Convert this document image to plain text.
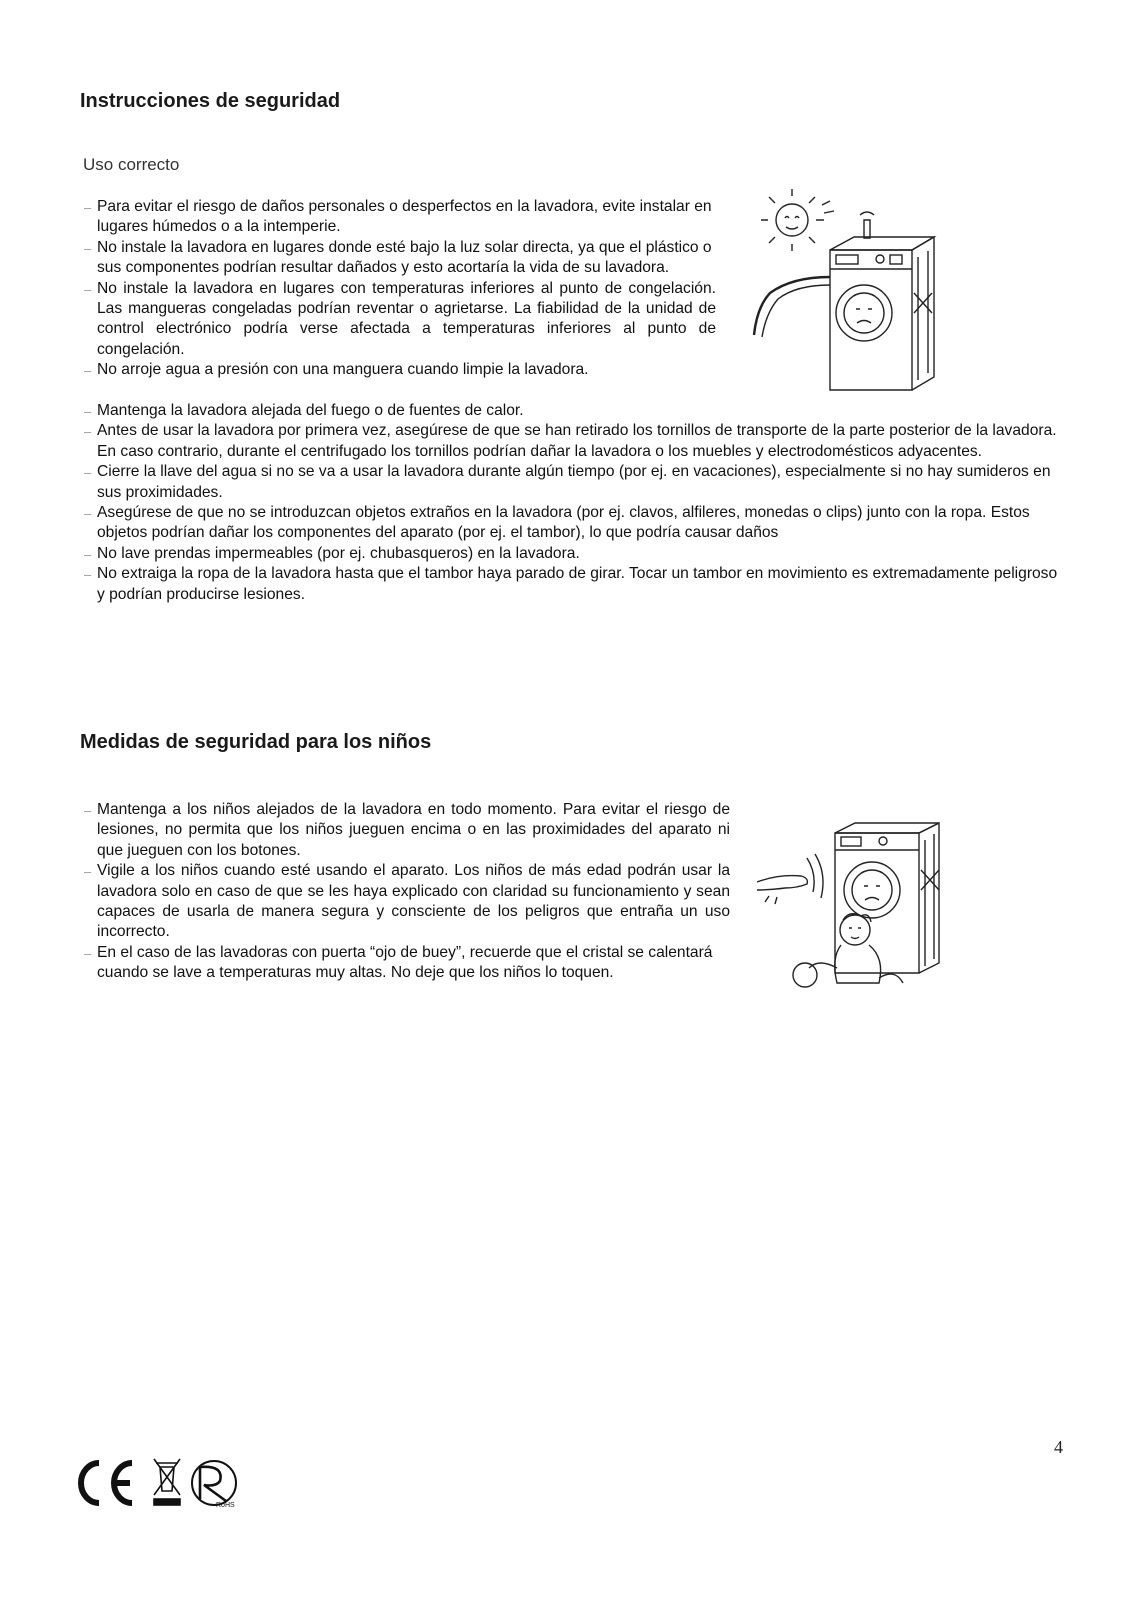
Instrucciones de seguridad
Uso correcto
– Para evitar el riesgo de daños personales o desperfectos en la lavadora, evite instalar en lugares húmedos o a la intemperie.
– No instale la lavadora en lugares donde esté bajo la luz solar directa, ya que el plástico o sus componentes podrían resultar dañados y esto acortaría la vida de su lavadora.
– No instale la lavadora en lugares con temperaturas inferiores al punto de congelación. Las mangueras congeladas podrían reventar o agrietarse. La fiabilidad de la unidad de control electrónico podría verse afectada a temperaturas inferiores al punto de congelación.
– No arroje agua a presión con una manguera cuando limpie la lavadora.
– Mantenga la lavadora alejada del fuego o de fuentes de calor.
– Antes de usar la lavadora por primera vez, asegúrese de que se han retirado los tornillos de transporte de la parte posterior de la lavadora. En caso contrario, durante el centrifugado los tornillos podrían dañar la lavadora o los muebles y electrodomésticos adyacentes.
– Cierre la llave del agua si no se va a usar la lavadora durante algún tiempo (por ej. en vacaciones), especialmente si no hay sumideros en sus proximidades.
– Asegúrese de que no se introduzcan objetos extraños en la lavadora (por ej. clavos, alfileres, monedas o clips) junto con la ropa. Estos objetos podrían dañar los componentes del aparato (por ej. el tambor), lo que podría causar daños
– No lave prendas impermeables (por ej. chubasqueros) en la lavadora.
– No extraiga la ropa de la lavadora hasta que el tambor haya parado de girar. Tocar un tambor en movimiento es extremadamente peligroso y podrían producirse lesiones.
Medidas de seguridad para los niños
– Mantenga a los niños alejados de la lavadora en todo momento. Para evitar el riesgo de lesiones, no permita que los niños jueguen encima o en las proximidades del aparato ni que jueguen con los botones.
– Vigile a los niños cuando esté usando el aparato. Los niños de más edad podrán usar la lavadora solo en caso de que se les haya explicado con claridad su funcionamiento y sean capaces de usarla de manera segura y consciente de los peligros que entraña un uso incorrecto.
– En el caso de las lavadoras con puerta “ojo de buey”, recuerde que el cristal se calentará cuando se lave a temperaturas muy altas. No deje que los niños lo toquen.
4
RoHS
